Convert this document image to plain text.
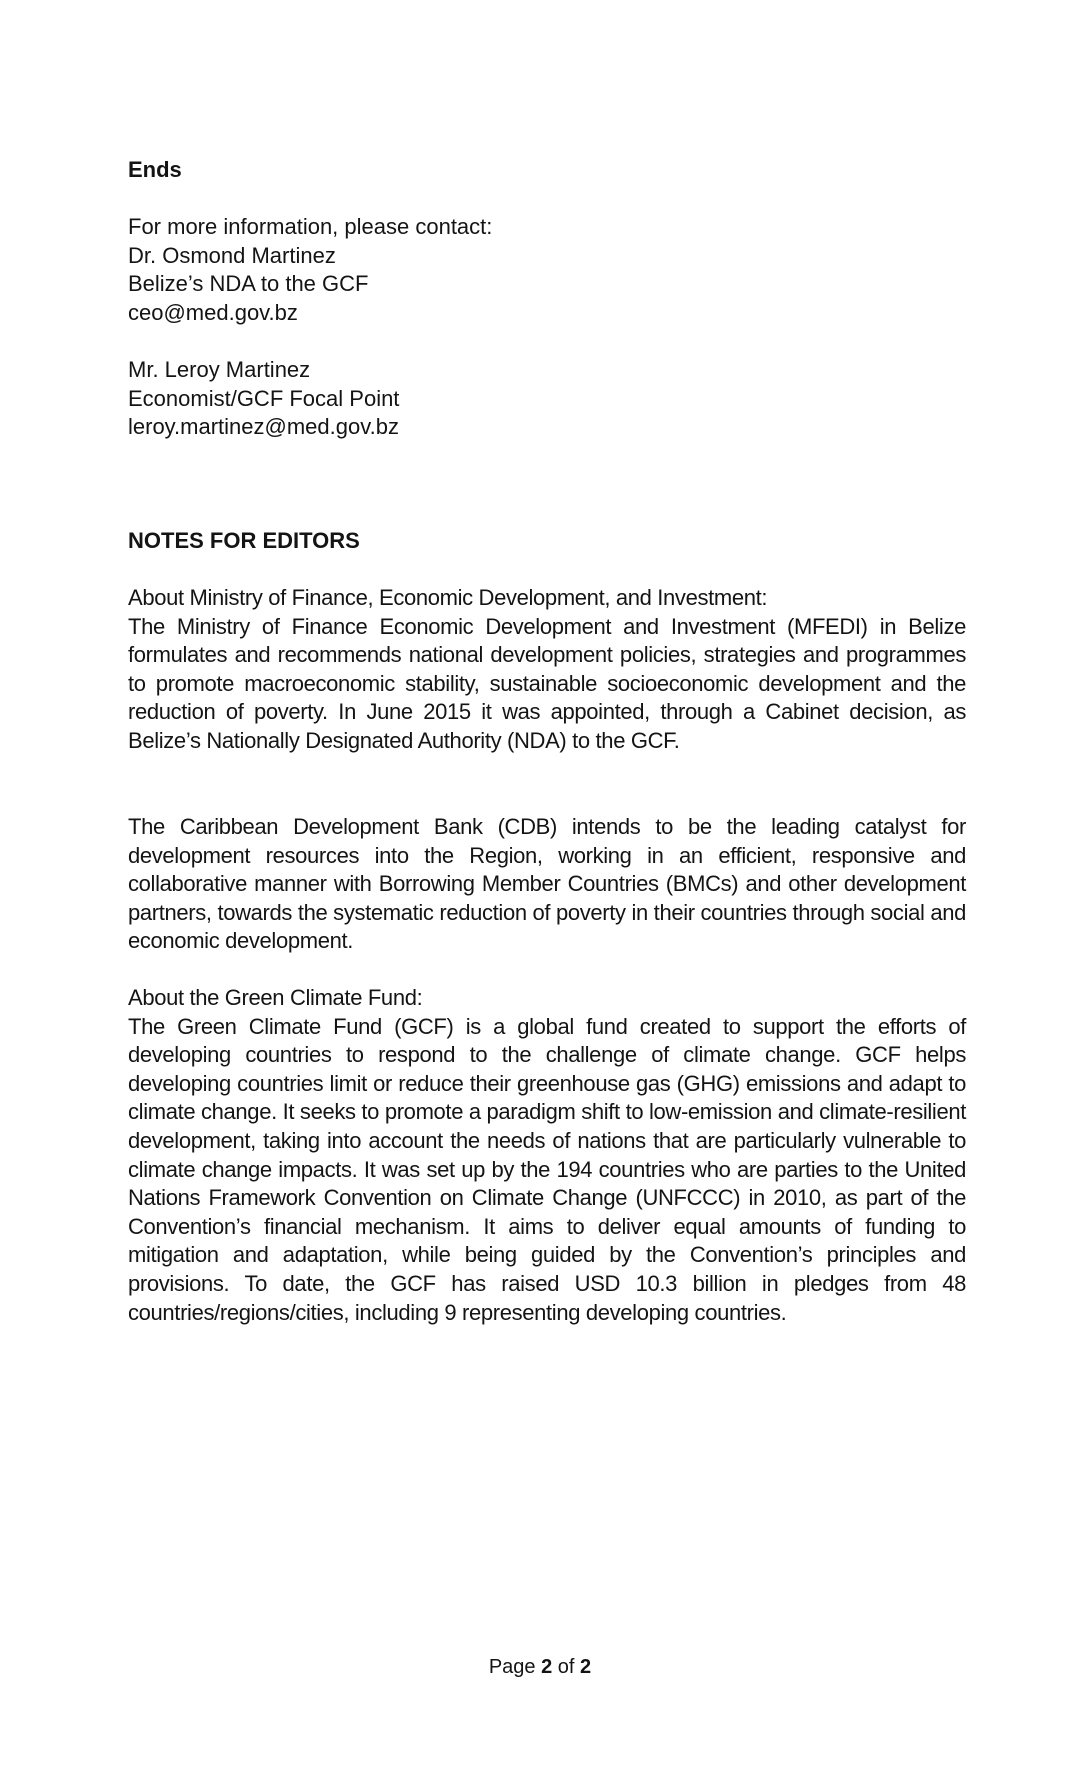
Ends
For more information, please contact:
Dr. Osmond Martinez
Belize’s NDA to the GCF
ceo@med.gov.bz
Mr. Leroy Martinez
Economist/GCF Focal Point
leroy.martinez@med.gov.bz
NOTES FOR EDITORS
About Ministry of Finance, Economic Development, and Investment:
The Ministry of Finance Economic Development and Investment (MFEDI) in Belize formulates and recommends national development policies, strategies and programmes to promote macroeconomic stability, sustainable socioeconomic development and the reduction of poverty. In June 2015 it was appointed, through a Cabinet decision, as Belize’s Nationally Designated Authority (NDA) to the GCF.
The Caribbean Development Bank (CDB) intends to be the leading catalyst for development resources into the Region, working in an efficient, responsive and collaborative manner with Borrowing Member Countries (BMCs) and other development partners, towards the systematic reduction of poverty in their countries through social and economic development.
About the Green Climate Fund:
The Green Climate Fund (GCF) is a global fund created to support the efforts of developing countries to respond to the challenge of climate change. GCF helps developing countries limit or reduce their greenhouse gas (GHG) emissions and adapt to climate change. It seeks to promote a paradigm shift to low-emission and climate-resilient development, taking into account the needs of nations that are particularly vulnerable to climate change impacts. It was set up by the 194 countries who are parties to the United Nations Framework Convention on Climate Change (UNFCCC) in 2010, as part of the Convention’s financial mechanism. It aims to deliver equal amounts of funding to mitigation and adaptation, while being guided by the Convention’s principles and provisions. To date, the GCF has raised USD 10.3 billion in pledges from 48 countries/regions/cities, including 9 representing developing countries.
Page 2 of 2
